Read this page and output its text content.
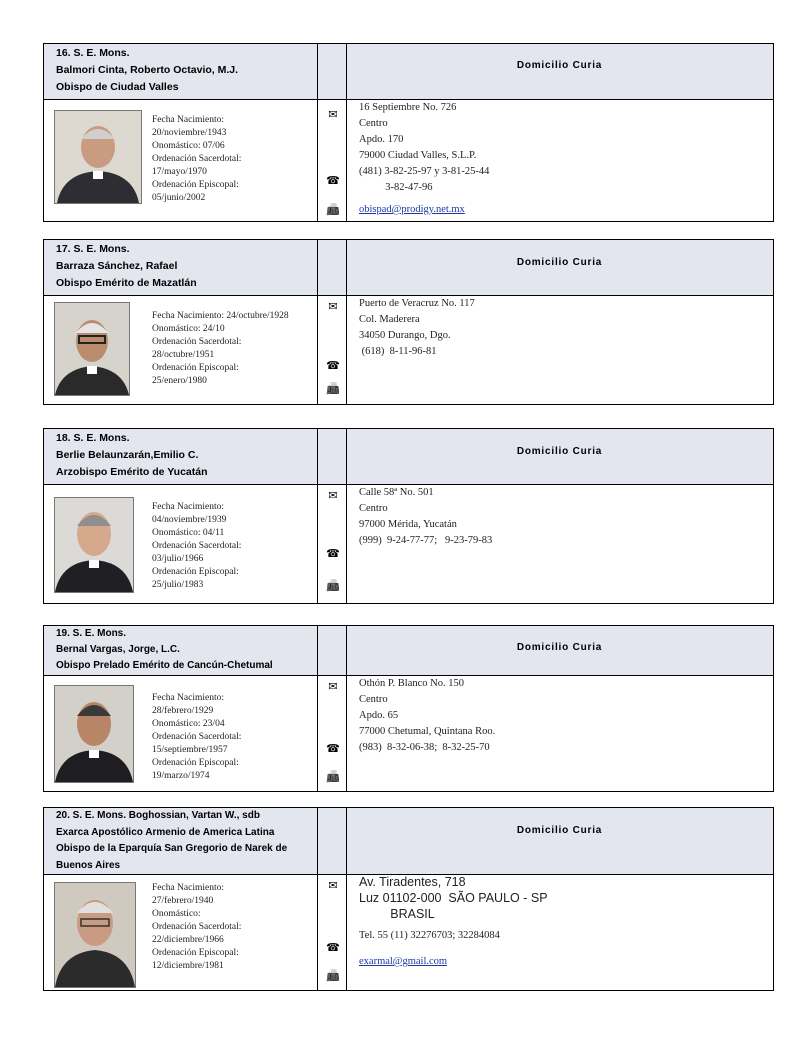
16. S. E. Mons.
Balmori Cinta, Roberto Octavio, M.J.
Obispo de Ciudad Valles
Domicilio Curia
Fecha Nacimiento:
20/noviembre/1943
Onomástico: 07/06
Ordenación Sacerdotal:
17/mayo/1970
Ordenación Episcopal:
05/junio/2002
✉
☎
📠
16 Septiembre No. 726
Centro
Apdo. 170
79000 Ciudad Valles, S.L.P.
(481) 3-82-25-97 y 3-81-25-44
3-82-47-96
obispad@prodigy.net.mx
17. S. E. Mons.
Barraza Sánchez, Rafael
Obispo Emérito de Mazatlán
Domicilio Curia
Fecha Nacimiento: 24/octubre/1928
Onomástico: 24/10
Ordenación Sacerdotal:
28/octubre/1951
Ordenación Episcopal:
25/enero/1980
✉
☎
📠
Puerto de Veracruz No. 117
Col. Maderera
34050 Durango, Dgo.
(618)  8-11-96-81
18. S. E. Mons.
Berlie Belaunzarán,Emilio C.
Arzobispo Emérito de Yucatán
Domicilio Curia
Fecha Nacimiento:
04/noviembre/1939
Onomástico: 04/11
Ordenación Sacerdotal:
03/julio/1966
Ordenación Episcopal:
25/julio/1983
✉
☎
📠
Calle 58ª No. 501
Centro
97000 Mérida, Yucatán
(999)  9-24-77-77;   9-23-79-83
19. S. E. Mons.
Bernal Vargas, Jorge, L.C.
Obispo Prelado Emérito de Cancún-Chetumal
Domicilio Curia
Fecha Nacimiento:
28/febrero/1929
Onomástico: 23/04
Ordenación Sacerdotal:
15/septiembre/1957
Ordenación Episcopal:
19/marzo/1974
✉
☎
📠
Othón P. Blanco No. 150
Centro
Apdo. 65
77000 Chetumal, Quintana Roo.
(983)  8-32-06-38;  8-32-25-70
20. S. E. Mons. Boghossian, Vartan W., sdb
Exarca Apostólico Armenio de America Latina
Obispo de la Eparquía San Gregorio de Narek de Buenos Aires
Domicilio Curia
Fecha Nacimiento:
27/febrero/1940
Onomástico:
Ordenación Sacerdotal:
22/diciembre/1966
Ordenación Episcopal:
12/diciembre/1981
✉
☎
📠
Av. Tiradentes, 718
Luz 01102-000  SÃO PAULO - SP
BRASIL
Tel. 55 (11) 32276703; 32284084
exarmal@gmail.com
